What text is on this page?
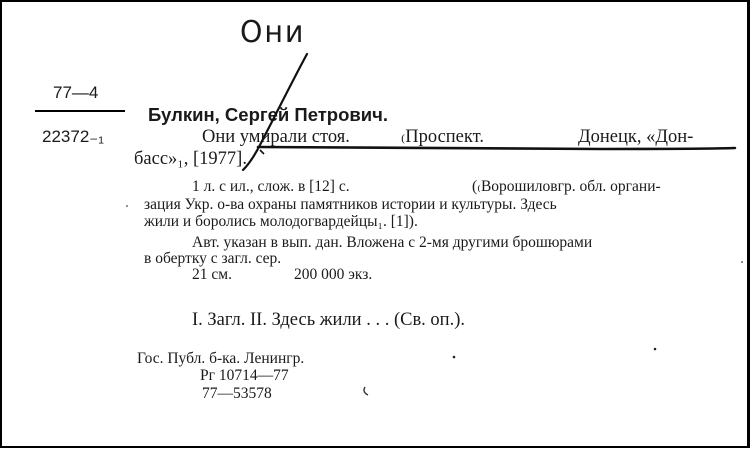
Они
77—4
22372₋₁
Булкин, Сергей Петрович.
Они умирали стоя.	 ₍Проспект.	Донецк, «Дон-
басс»₁, [1977].
1 л. с ил., слож. в [12] с.	(₍Ворошиловгр. обл. органи-
зация Укр. о-ва охраны памятников истории и культуры. Здесь
жили и боролись молодогвардейцы₁. [1]).
Авт. указан в вып. дан. Вложена с 2-мя другими брошюрами
в обертку с загл. сер.
21 см.	200 000 экз.
I. Загл. II. Здесь жили . . . (Св. оп.).
Гос. Публ. б-ка. Ленингр.
Рг 10714—77
77—53578
